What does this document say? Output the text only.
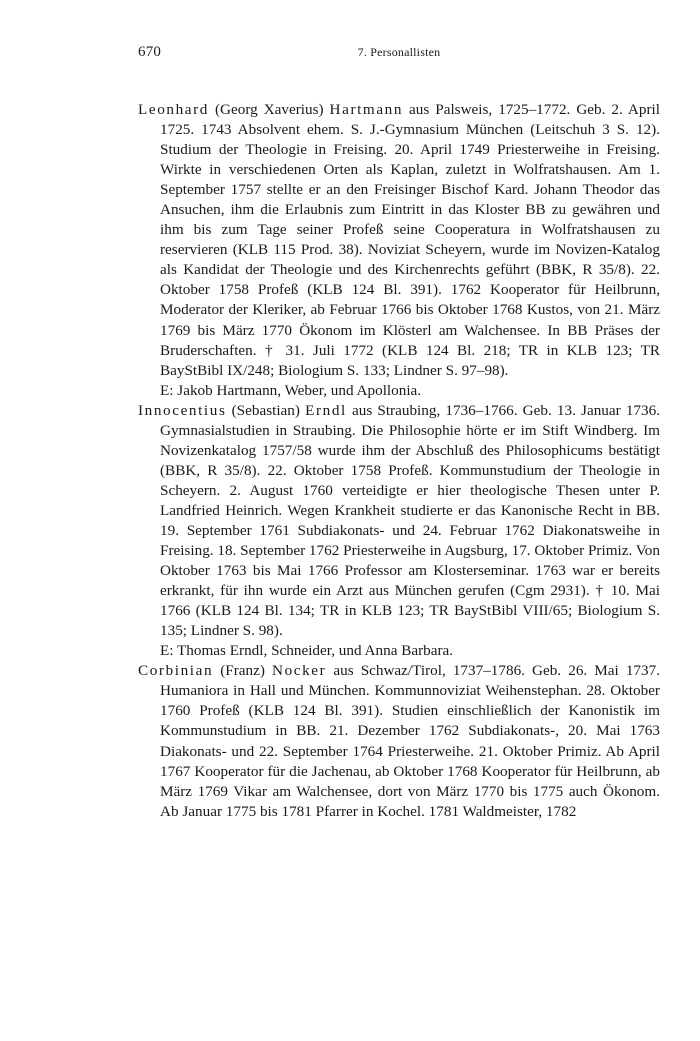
670	7. Personallisten
Leonhard (Georg Xaverius) Hartmann aus Palsweis, 1725–1772. Geb. 2. April 1725. 1743 Absolvent ehem. S. J.-Gymnasium München (Leitschuh 3 S. 12). Studium der Theologie in Freising. 20. April 1749 Priesterweihe in Freising. Wirkte in verschiedenen Orten als Kaplan, zuletzt in Wolfratshausen. Am 1. September 1757 stellte er an den Freisinger Bischof Kard. Johann Theodor das Ansuchen, ihm die Erlaubnis zum Eintritt in das Kloster BB zu gewähren und ihm bis zum Tage seiner Profeß seine Cooperatura in Wolfratshausen zu reservieren (KLB 115 Prod. 38). Noviziat Scheyern, wurde im Novizen-Katalog als Kandidat der Theologie und des Kirchenrechts geführt (BBK, R 35/8). 22. Oktober 1758 Profeß (KLB 124 Bl. 391). 1762 Kooperator für Heilbrunn, Moderator der Kleriker, ab Februar 1766 bis Oktober 1768 Kustos, von 21. März 1769 bis März 1770 Ökonom im Klösterl am Walchensee. In BB Präses der Bruderschaften. † 31. Juli 1772 (KLB 124 Bl. 218; TR in KLB 123; TR BayStBibl IX/248; Biologium S. 133; Lindner S. 97–98).
E: Jakob Hartmann, Weber, und Apollonia.
Innocentius (Sebastian) Erndl aus Straubing, 1736–1766. Geb. 13. Januar 1736. Gymnasialstudien in Straubing. Die Philosophie hörte er im Stift Windberg. Im Novizenkatalog 1757/58 wurde ihm der Abschluß des Philosophicums bestätigt (BBK, R 35/8). 22. Oktober 1758 Profeß. Kommunstudium der Theologie in Scheyern. 2. August 1760 verteidigte er hier theologische Thesen unter P. Landfried Heinrich. Wegen Krankheit studierte er das Kanonische Recht in BB. 19. September 1761 Subdiakonats- und 24. Februar 1762 Diakonatsweihe in Freising. 18. September 1762 Priesterweihe in Augsburg, 17. Oktober Primiz. Von Oktober 1763 bis Mai 1766 Professor am Klosterseminar. 1763 war er bereits erkrankt, für ihn wurde ein Arzt aus München gerufen (Cgm 2931). † 10. Mai 1766 (KLB 124 Bl. 134; TR in KLB 123; TR BayStBibl VIII/65; Biologium S. 135; Lindner S. 98).
E: Thomas Erndl, Schneider, und Anna Barbara.
Corbinian (Franz) Nocker aus Schwaz/Tirol, 1737–1786. Geb. 26. Mai 1737. Humaniora in Hall und München. Kommunnoviziat Weihenstephan. 28. Oktober 1760 Profeß (KLB 124 Bl. 391). Studien einschließlich der Kanonistik im Kommunstudium in BB. 21. Dezember 1762 Subdiakonats-, 20. Mai 1763 Diakonats- und 22. September 1764 Priesterweihe. 21. Oktober Primiz. Ab April 1767 Kooperator für die Jachenau, ab Oktober 1768 Kooperator für Heilbrunn, ab März 1769 Vikar am Walchensee, dort von März 1770 bis 1775 auch Ökonom. Ab Januar 1775 bis 1781 Pfarrer in Kochel. 1781 Waldmeister, 1782
